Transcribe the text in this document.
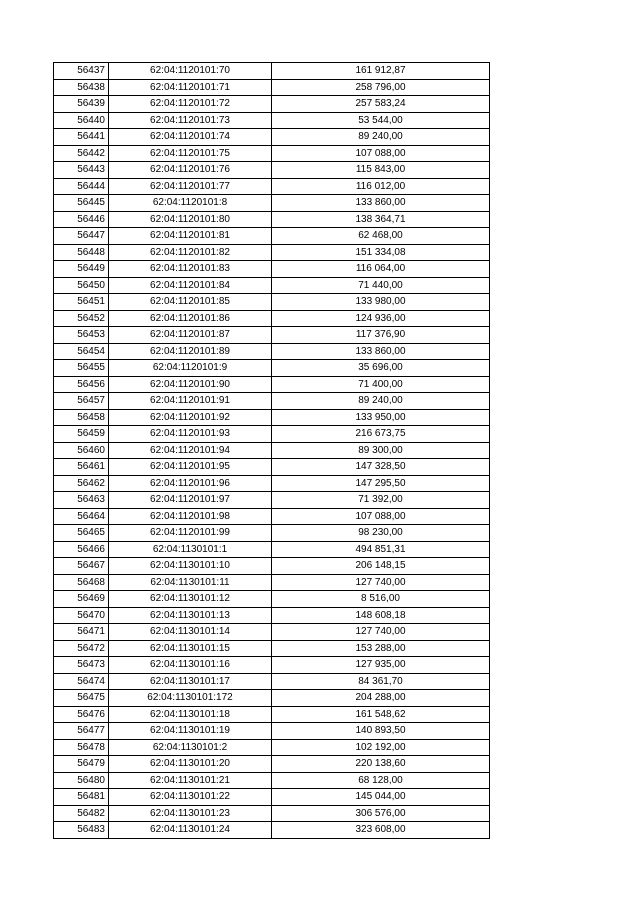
56437	62:04:1120101:70	161 912,87
56438	62:04:1120101:71	258 796,00
56439	62:04:1120101:72	257 583,24
56440	62:04:1120101:73	53 544,00
56441	62:04:1120101:74	89 240,00
56442	62:04:1120101:75	107 088,00
56443	62:04:1120101:76	115 843,00
56444	62:04:1120101:77	116 012,00
56445	62:04:1120101:8	133 860,00
56446	62:04:1120101:80	138 364,71
56447	62:04:1120101:81	62 468,00
56448	62:04:1120101:82	151 334,08
56449	62:04:1120101:83	116 064,00
56450	62:04:1120101:84	71 440,00
56451	62:04:1120101:85	133 980,00
56452	62:04:1120101:86	124 936,00
56453	62:04:1120101:87	117 376,90
56454	62:04:1120101:89	133 860,00
56455	62:04:1120101:9	35 696,00
56456	62:04:1120101:90	71 400,00
56457	62:04:1120101:91	89 240,00
56458	62:04:1120101:92	133 950,00
56459	62:04:1120101:93	216 673,75
56460	62:04:1120101:94	89 300,00
56461	62:04:1120101:95	147 328,50
56462	62:04:1120101:96	147 295,50
56463	62:04:1120101:97	71 392,00
56464	62:04:1120101:98	107 088,00
56465	62:04:1120101:99	98 230,00
56466	62:04:1130101:1	494 851,31
56467	62:04:1130101:10	206 148,15
56468	62:04:1130101:11	127 740,00
56469	62:04:1130101:12	8 516,00
56470	62:04:1130101:13	148 608,18
56471	62:04:1130101:14	127 740,00
56472	62:04:1130101:15	153 288,00
56473	62:04:1130101:16	127 935,00
56474	62:04:1130101:17	84 361,70
56475	62:04:1130101:172	204 288,00
56476	62:04:1130101:18	161 548,62
56477	62:04:1130101:19	140 893,50
56478	62:04:1130101:2	102 192,00
56479	62:04:1130101:20	220 138,60
56480	62:04:1130101:21	68 128,00
56481	62:04:1130101:22	145 044,00
56482	62:04:1130101:23	306 576,00
56483	62:04:1130101:24	323 608,00
